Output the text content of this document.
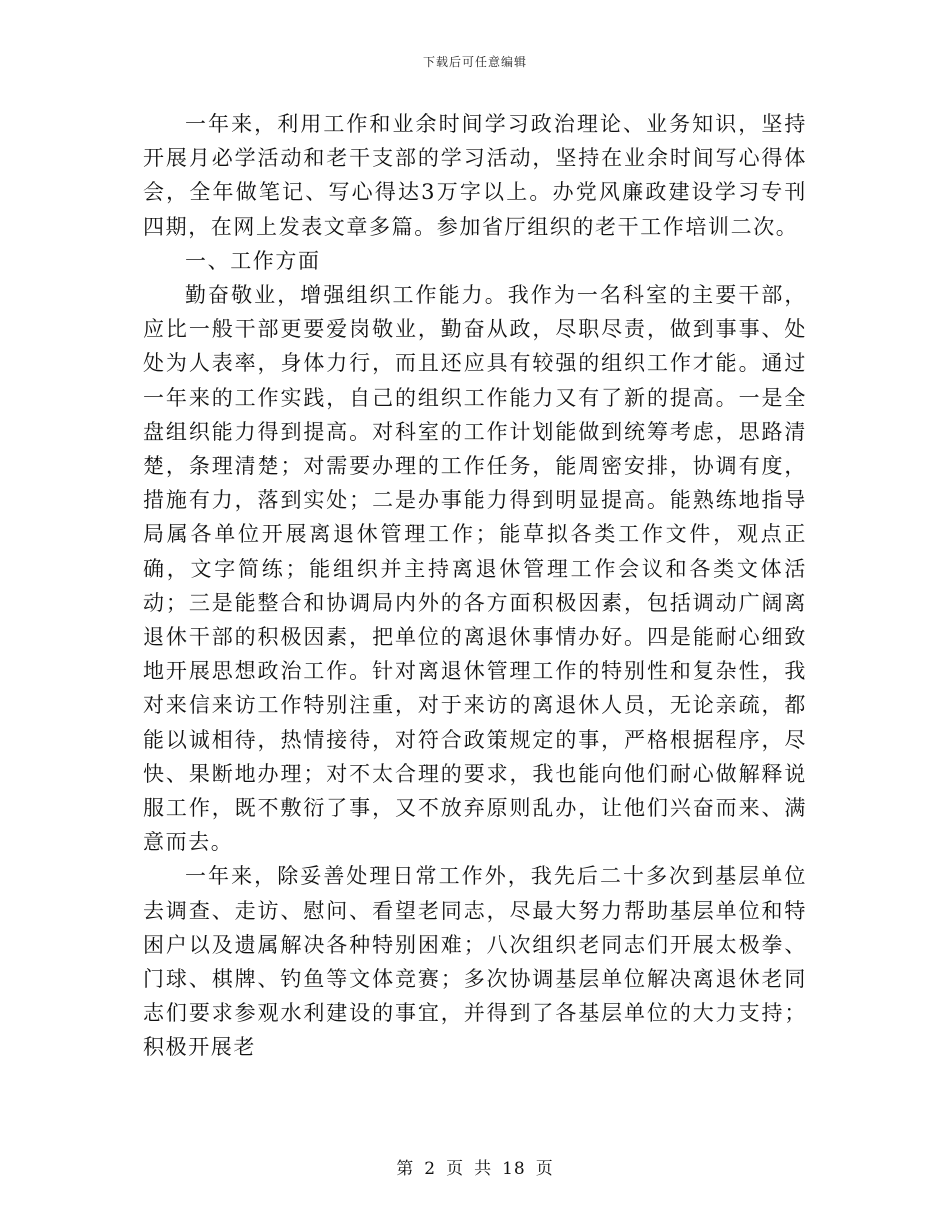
下载后可任意编辑

一年来，利用工作和业余时间学习政治理论、业务知识，坚持开展月必学活动和老干支部的学习活动，坚持在业余时间写心得体会，全年做笔记、写心得达3万字以上。办党风廉政建设学习专刊四期，在网上发表文章多篇。参加省厅组织的老干工作培训二次。

一、工作方面

勤奋敬业，增强组织工作能力。我作为一名科室的主要干部，应比一般干部更要爱岗敬业，勤奋从政，尽职尽责，做到事事、处处为人表率，身体力行，而且还应具有较强的组织工作才能。通过一年来的工作实践，自己的组织工作能力又有了新的提高。一是全盘组织能力得到提高。对科室的工作计划能做到统筹考虑，思路清楚，条理清楚；对需要办理的工作任务，能周密安排，协调有度，措施有力，落到实处；二是办事能力得到明显提高。能熟练地指导局属各单位开展离退休管理工作；能草拟各类工作文件，观点正确，文字简练；能组织并主持离退休管理工作会议和各类文体活动；三是能整合和协调局内外的各方面积极因素，包括调动广阔离退休干部的积极因素，把单位的离退休事情办好。四是能耐心细致地开展思想政治工作。针对离退休管理工作的特别性和复杂性，我对来信来访工作特别注重，对于来访的离退休人员，无论亲疏，都能以诚相待，热情接待，对符合政策规定的事，严格根据程序，尽快、果断地办理；对不太合理的要求，我也能向他们耐心做解释说服工作，既不敷衍了事，又不放弃原则乱办，让他们兴奋而来、满意而去。

一年来，除妥善处理日常工作外，我先后二十多次到基层单位去调查、走访、慰问、看望老同志，尽最大努力帮助基层单位和特困户以及遗属解决各种特别困难；八次组织老同志们开展太极拳、门球、棋牌、钓鱼等文体竞赛；多次协调基层单位解决离退休老同志们要求参观水利建设的事宜，并得到了各基层单位的大力支持；积极开展老

第 2 页 共 18 页
